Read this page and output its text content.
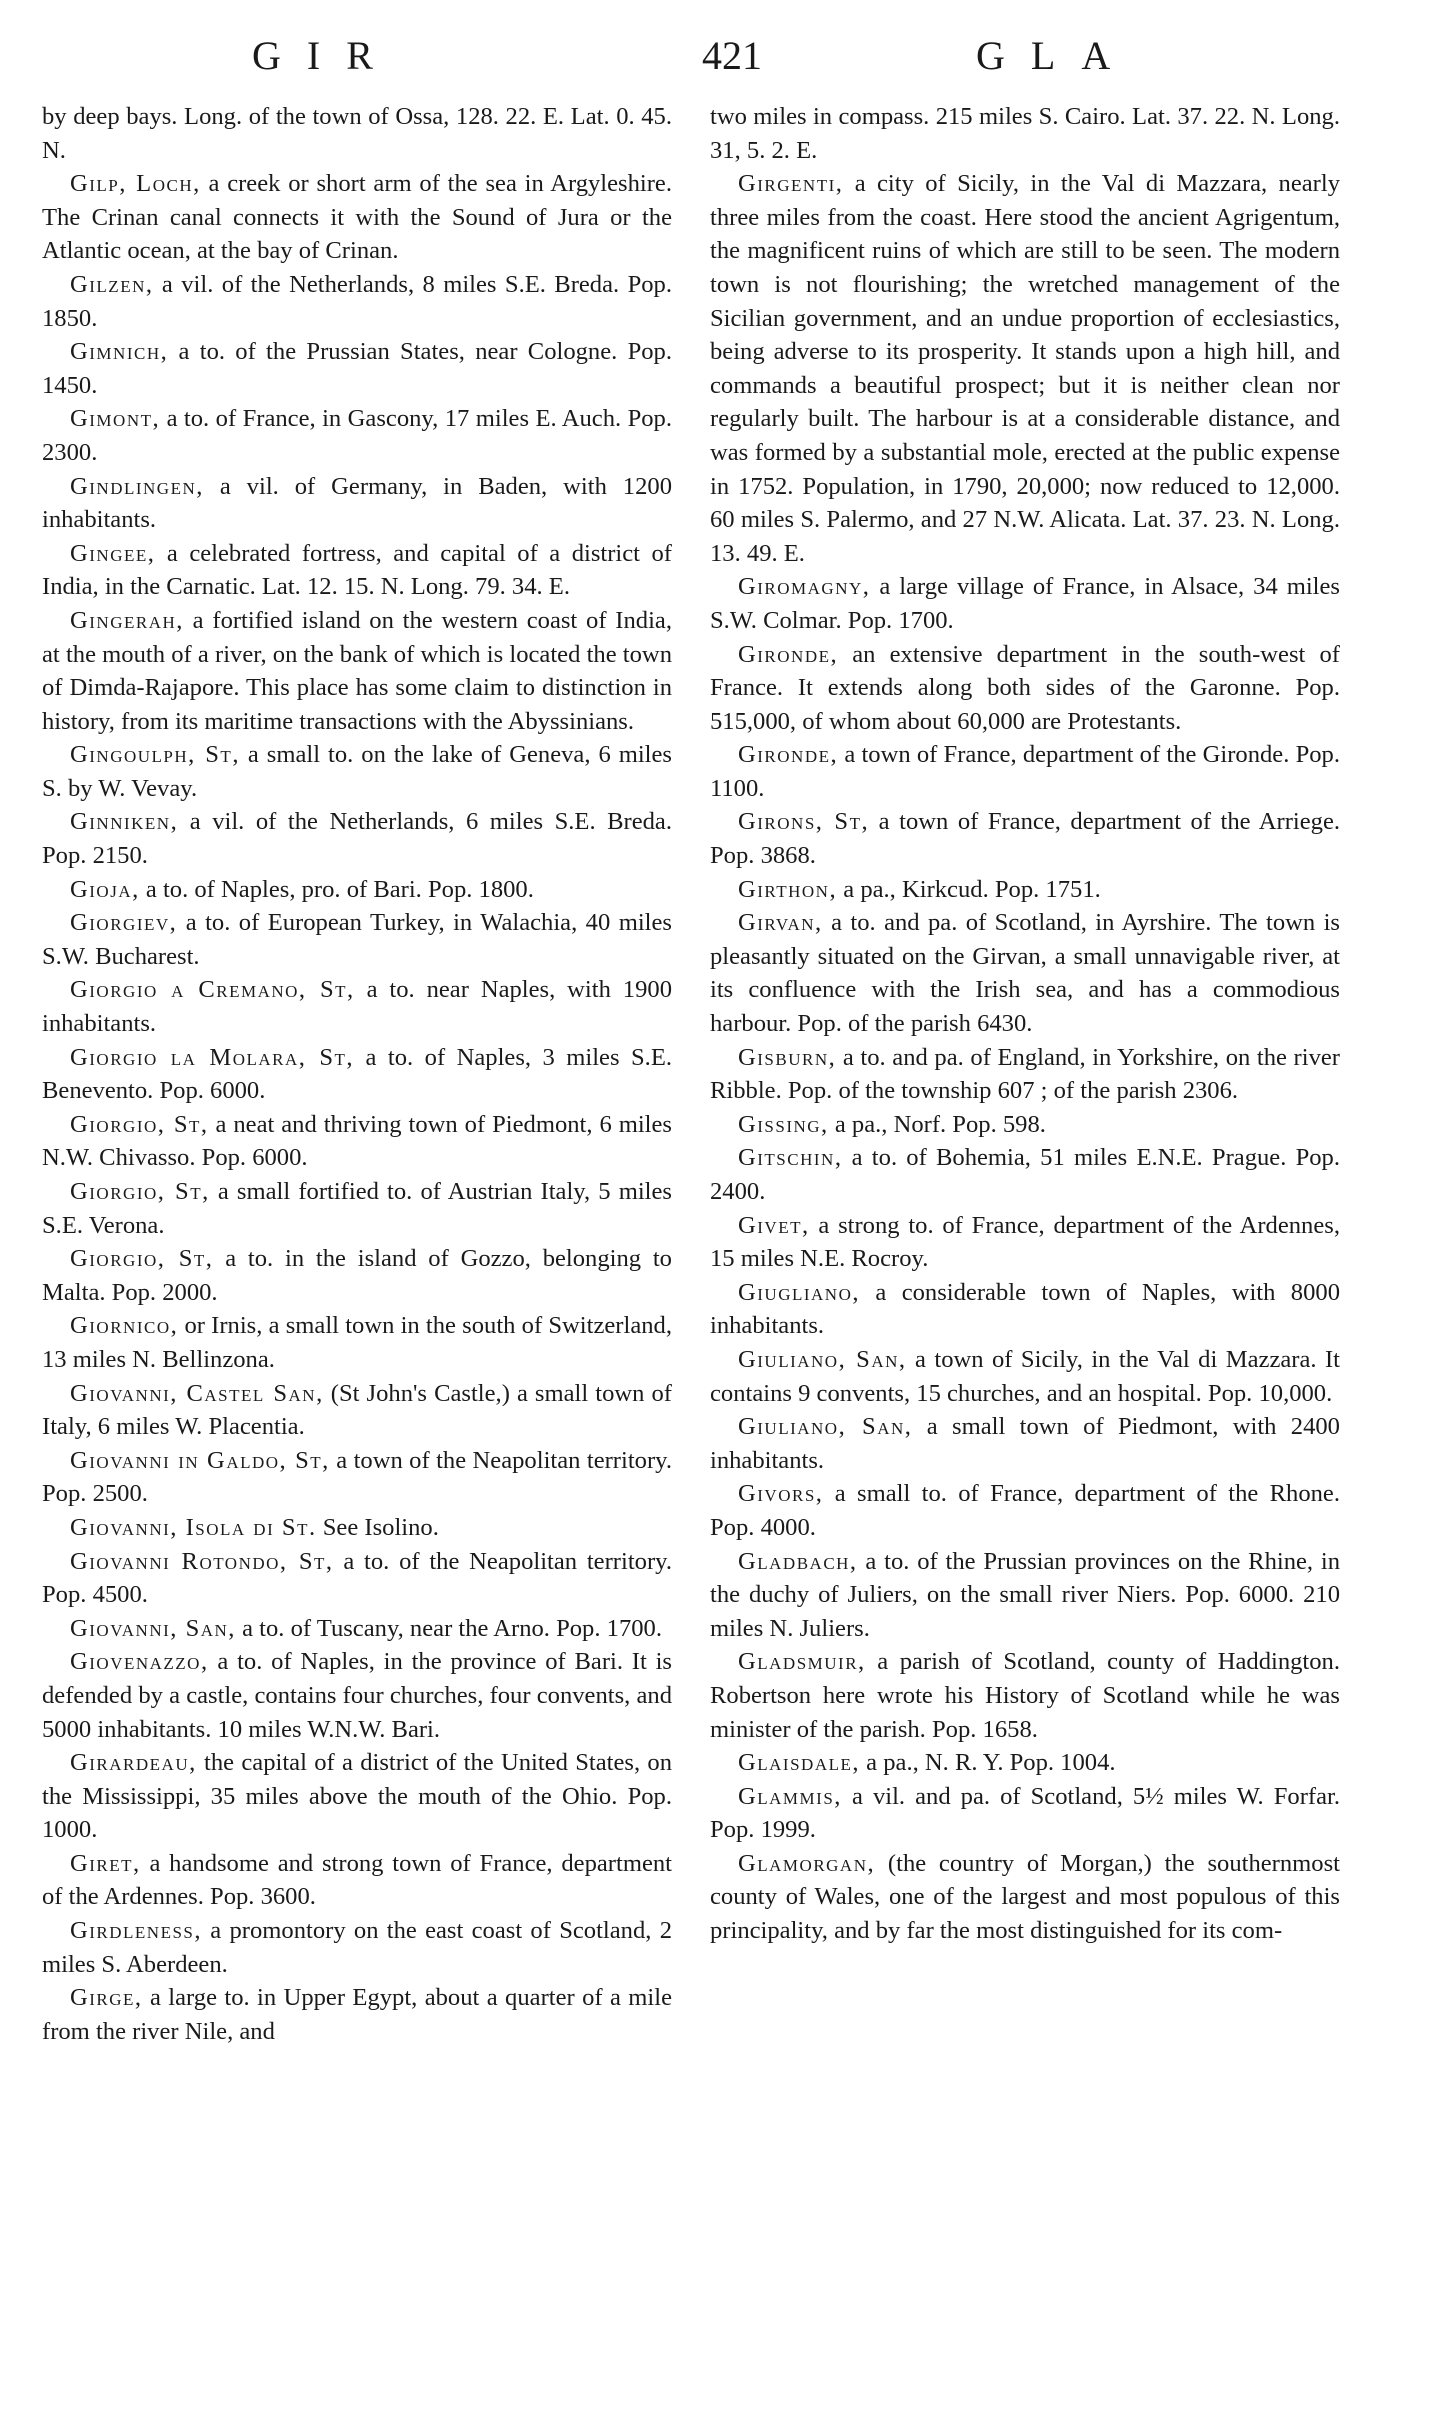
GIR	421	GLA

by deep bays. Long. of the town of Ossa, 128. 22. E. Lat. 0. 45. N.

Gilp, Loch, a creek or short arm of the sea in Argyleshire. The Crinan canal connects it with the Sound of Jura or the Atlantic ocean, at the bay of Crinan.

Gilzen, a vil. of the Netherlands, 8 miles S.E. Breda. Pop. 1850.

Gimnich, a to. of the Prussian States, near Cologne. Pop. 1450.

Gimont, a to. of France, in Gascony, 17 miles E. Auch. Pop. 2300.

Gindlingen, a vil. of Germany, in Baden, with 1200 inhabitants.

Gingee, a celebrated fortress, and capital of a district of India, in the Carnatic. Lat. 12. 15. N. Long. 79. 34. E.

Gingerah, a fortified island on the western coast of India, at the mouth of a river, on the bank of which is located the town of Dimda-Rajapore. This place has some claim to distinction in history, from its maritime transactions with the Abyssinians.

Gingoulph, St, a small to. on the lake of Geneva, 6 miles S. by W. Vevay.

Ginniken, a vil. of the Netherlands, 6 miles S.E. Breda. Pop. 2150.

Gioja, a to. of Naples, pro. of Bari. Pop. 1800.

Giorgiev, a to. of European Turkey, in Walachia, 40 miles S.W. Bucharest.

Giorgio a Cremano, St, a to. near Naples, with 1900 inhabitants.

Giorgio la Molara, St, a to. of Naples, 3 miles S.E. Benevento. Pop. 6000.

Giorgio, St, a neat and thriving town of Piedmont, 6 miles N.W. Chivasso. Pop. 6000.

Giorgio, St, a small fortified to. of Austrian Italy, 5 miles S.E. Verona.

Giorgio, St, a to. in the island of Gozzo, belonging to Malta. Pop. 2000.

Giornico, or Irnis, a small town in the south of Switzerland, 13 miles N. Bellinzona.

Giovanni, Castel San, (St John's Castle,) a small town of Italy, 6 miles W. Placentia.

Giovanni in Galdo, St, a town of the Neapolitan territory. Pop. 2500.

Giovanni, Isola di St. See Isolino.

Giovanni Rotondo, St, a to. of the Neapolitan territory. Pop. 4500.

Giovanni, San, a to. of Tuscany, near the Arno. Pop. 1700.

Giovenazzo, a to. of Naples, in the province of Bari. It is defended by a castle, contains four churches, four convents, and 5000 inhabitants. 10 miles W.N.W. Bari.

Girardeau, the capital of a district of the United States, on the Mississippi, 35 miles above the mouth of the Ohio. Pop. 1000.

Giret, a handsome and strong town of France, department of the Ardennes. Pop. 3600.

Girdleness, a promontory on the east coast of Scotland, 2 miles S. Aberdeen.

Girge, a large to. in Upper Egypt, about a quarter of a mile from the river Nile, and

two miles in compass. 215 miles S. Cairo. Lat. 37. 22. N. Long. 31, 5. 2. E.

Girgenti, a city of Sicily, in the Val di Mazzara, nearly three miles from the coast. Here stood the ancient Agrigentum, the magnificent ruins of which are still to be seen. The modern town is not flourishing; the wretched management of the Sicilian government, and an undue proportion of ecclesiastics, being adverse to its prosperity. It stands upon a high hill, and commands a beautiful prospect; but it is neither clean nor regularly built. The harbour is at a considerable distance, and was formed by a substantial mole, erected at the public expense in 1752. Population, in 1790, 20,000; now reduced to 12,000. 60 miles S. Palermo, and 27 N.W. Alicata. Lat. 37. 23. N. Long. 13. 49. E.

Giromagny, a large village of France, in Alsace, 34 miles S.W. Colmar. Pop. 1700.

Gironde, an extensive department in the south-west of France. It extends along both sides of the Garonne. Pop. 515,000, of whom about 60,000 are Protestants.

Gironde, a town of France, department of the Gironde. Pop. 1100.

Girons, St, a town of France, department of the Arriege. Pop. 3868.

Girthon, a pa., Kirkcud. Pop. 1751.

Girvan, a to. and pa. of Scotland, in Ayrshire. The town is pleasantly situated on the Girvan, a small unnavigable river, at its confluence with the Irish sea, and has a commodious harbour. Pop. of the parish 6430.

Gisburn, a to. and pa. of England, in Yorkshire, on the river Ribble. Pop. of the township 607 ; of the parish 2306.

Gissing, a pa., Norf. Pop. 598.

Gitschin, a to. of Bohemia, 51 miles E.N.E. Prague. Pop. 2400.

Givet, a strong to. of France, department of the Ardennes, 15 miles N.E. Rocroy.

Giugliano, a considerable town of Naples, with 8000 inhabitants.

Giuliano, San, a town of Sicily, in the Val di Mazzara. It contains 9 convents, 15 churches, and an hospital. Pop. 10,000.

Giuliano, San, a small town of Piedmont, with 2400 inhabitants.

Givors, a small to. of France, department of the Rhone. Pop. 4000.

Gladbach, a to. of the Prussian provinces on the Rhine, in the duchy of Juliers, on the small river Niers. Pop. 6000. 210 miles N. Juliers.

Gladsmuir, a parish of Scotland, county of Haddington. Robertson here wrote his History of Scotland while he was minister of the parish. Pop. 1658.

Glaisdale, a pa., N. R. Y. Pop. 1004.

Glammis, a vil. and pa. of Scotland, 5½ miles W. Forfar. Pop. 1999.

Glamorgan, (the country of Morgan,) the southernmost county of Wales, one of the largest and most populous of this principality, and by far the most distinguished for its com-
